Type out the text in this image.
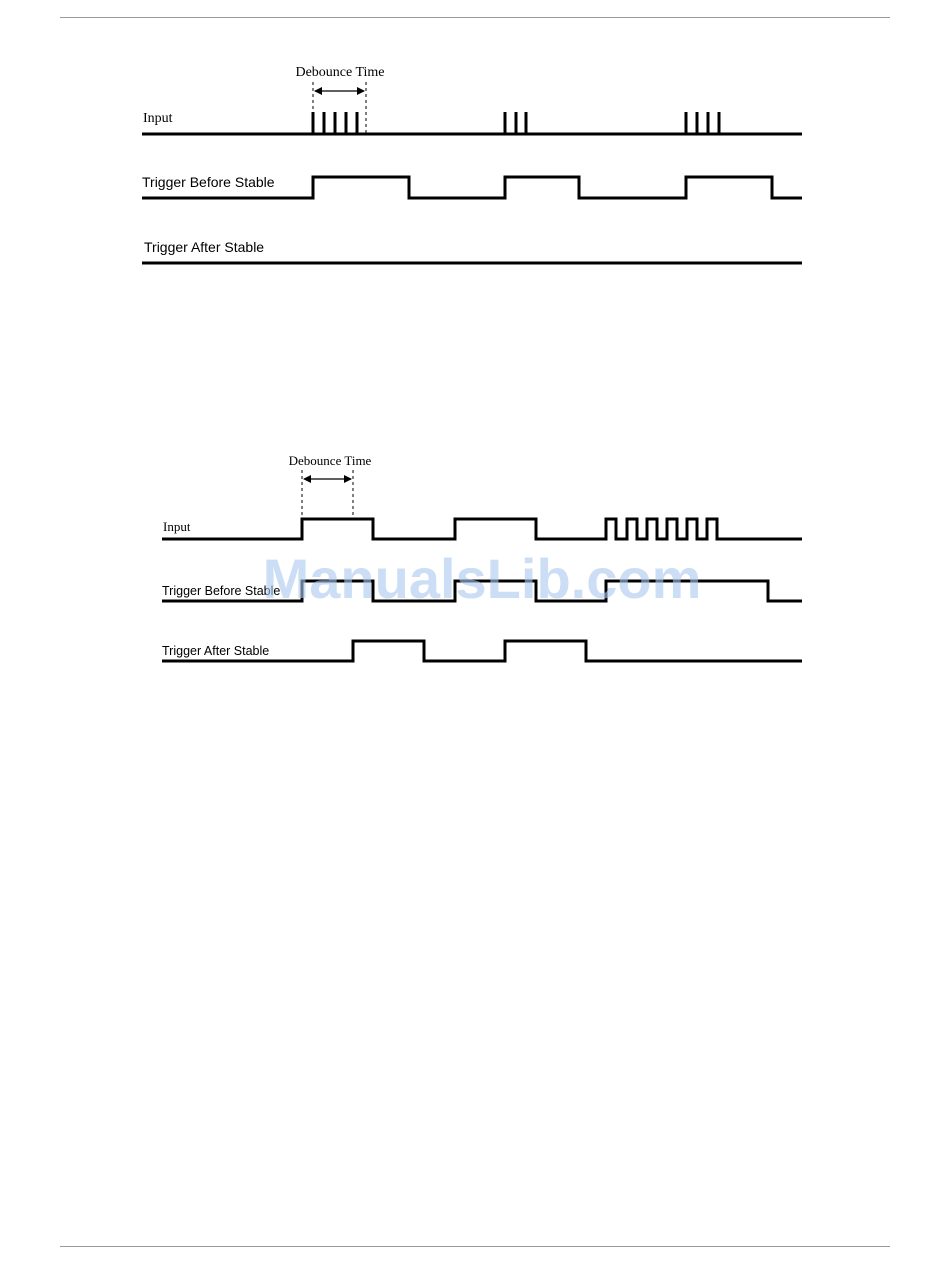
Debounce Time
Input
Trigger Before Stable
Trigger After Stable
Debounce Time
Input
Trigger Before Stable
Trigger After Stable
ManualsLib.com
